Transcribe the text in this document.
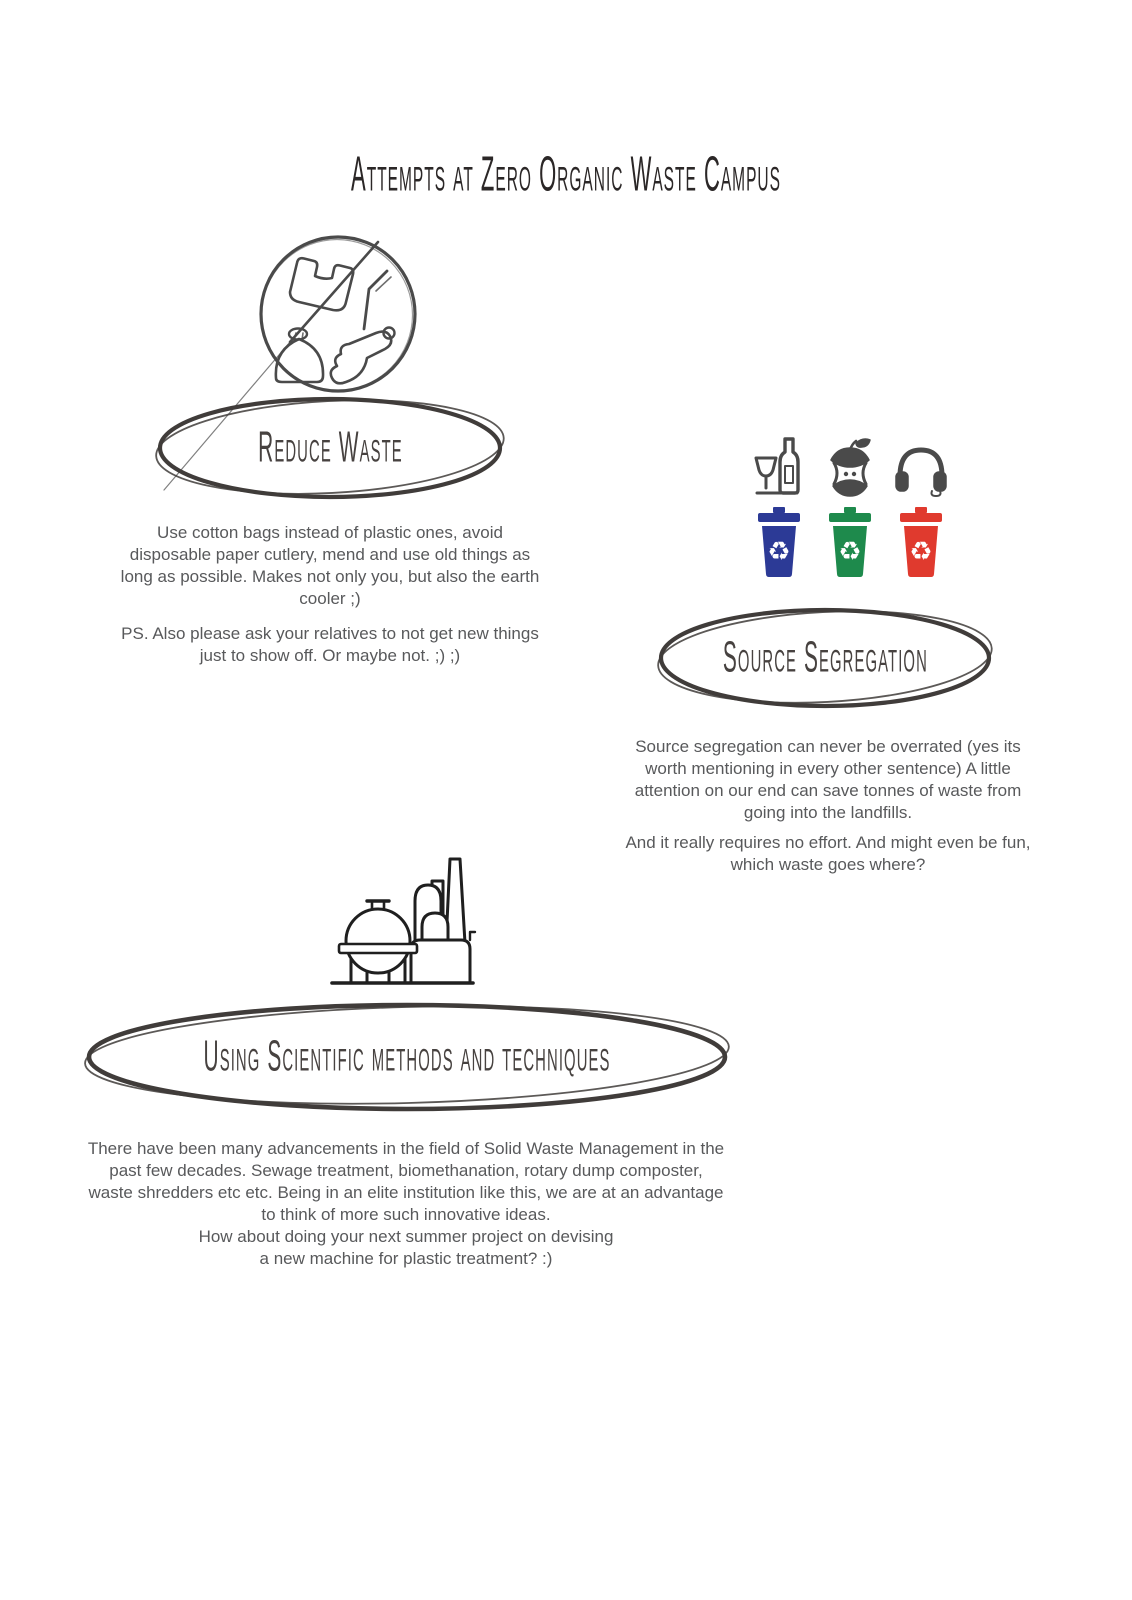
Attempts at Zero Organic Waste Campus
Reduce Waste

Use cotton bags instead of plastic ones, avoid disposable paper cutlery, mend and use old things as long as possible. Makes not only you, but also the earth cooler ;)

PS. Also please ask your relatives to not get new things just to show off. Or maybe not. ;) ;)

♻ ♻ ♻
Source Segregation

Source segregation can never be overrated (yes its worth mentioning in every other sentence) A little attention on our end can save tonnes of waste from going into the landfills.

And it really requires no effort. And might even be fun, which waste goes where?

Using Scientific methods and techniques

There have been many advancements in the field of Solid Waste Management in the past few decades. Sewage treatment, biomethanation, rotary dump composter, waste shredders etc etc. Being in an elite institution like this, we are at an advantage to think of more such innovative ideas.

How about doing your next summer project on devising
a new machine for plastic treatment? :)
